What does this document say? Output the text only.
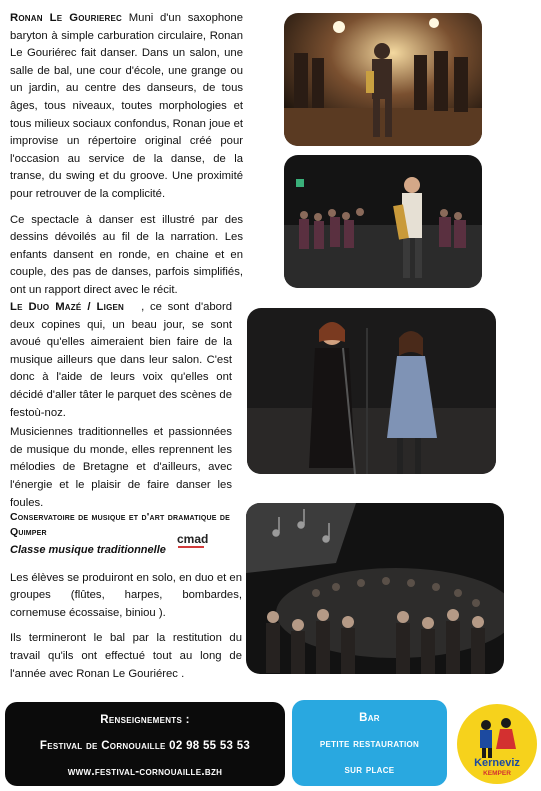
Ronan Le Gourierec Muni d'un saxophone baryton à simple carburation circulaire, Ronan Le Gouriérec fait danser. Dans un salon, une salle de bal, une cour d'école, une grange ou un jardin, au centre des danseurs, de tous âges, tous niveaux, toutes morphologies et tous milieux sociaux confondus, Ronan joue et improvise un répertoire original créé pour l'occasion au service de la danse, de la transe, du swing et du groove. Une proximité pour retrouver de la complicité.

Ce spectacle à danser est illustré par des dessins dévoilés au fil de la narration. Les enfants dansent en ronde, en chaine et en couple, des pas de danses, parfois simplifiés, ont un rapport direct avec le récit.

Le Duo Mazé / Ligen , ce sont d'abord deux copines qui, un beau jour, se sont avoué qu'elles aimeraient bien faire de la musique ailleurs que dans leur salon. C'est donc à l'aide de leurs voix qu'elles ont décidé d'aller tâter le parquet des scènes de festoù-noz.

Musiciennes traditionnelles et passionnées de musique du monde, elles reprennent les mélodies de Bretagne et d'ailleurs, avec l'énergie et le plaisir de faire danser les foules.

Conservatoire de musique et d'art dramatique de Quimper
Classe musique traditionnelle

Les élèves se produiront en solo, en duo et en groupes (flûtes, harpes, bombardes, cornemuse écossaise, biniou ).

Ils termineront le bal par la restitution du travail qu'ils ont effectué tout au long de l'année avec Ronan Le Gouriérec .

cmad
Renseignements :
Festival de Cornouaille 02 98 55 53 53
www.festival-cornouaille.bzh
Bar
petite restauration
sur place
Kerneviz
KEMPER
